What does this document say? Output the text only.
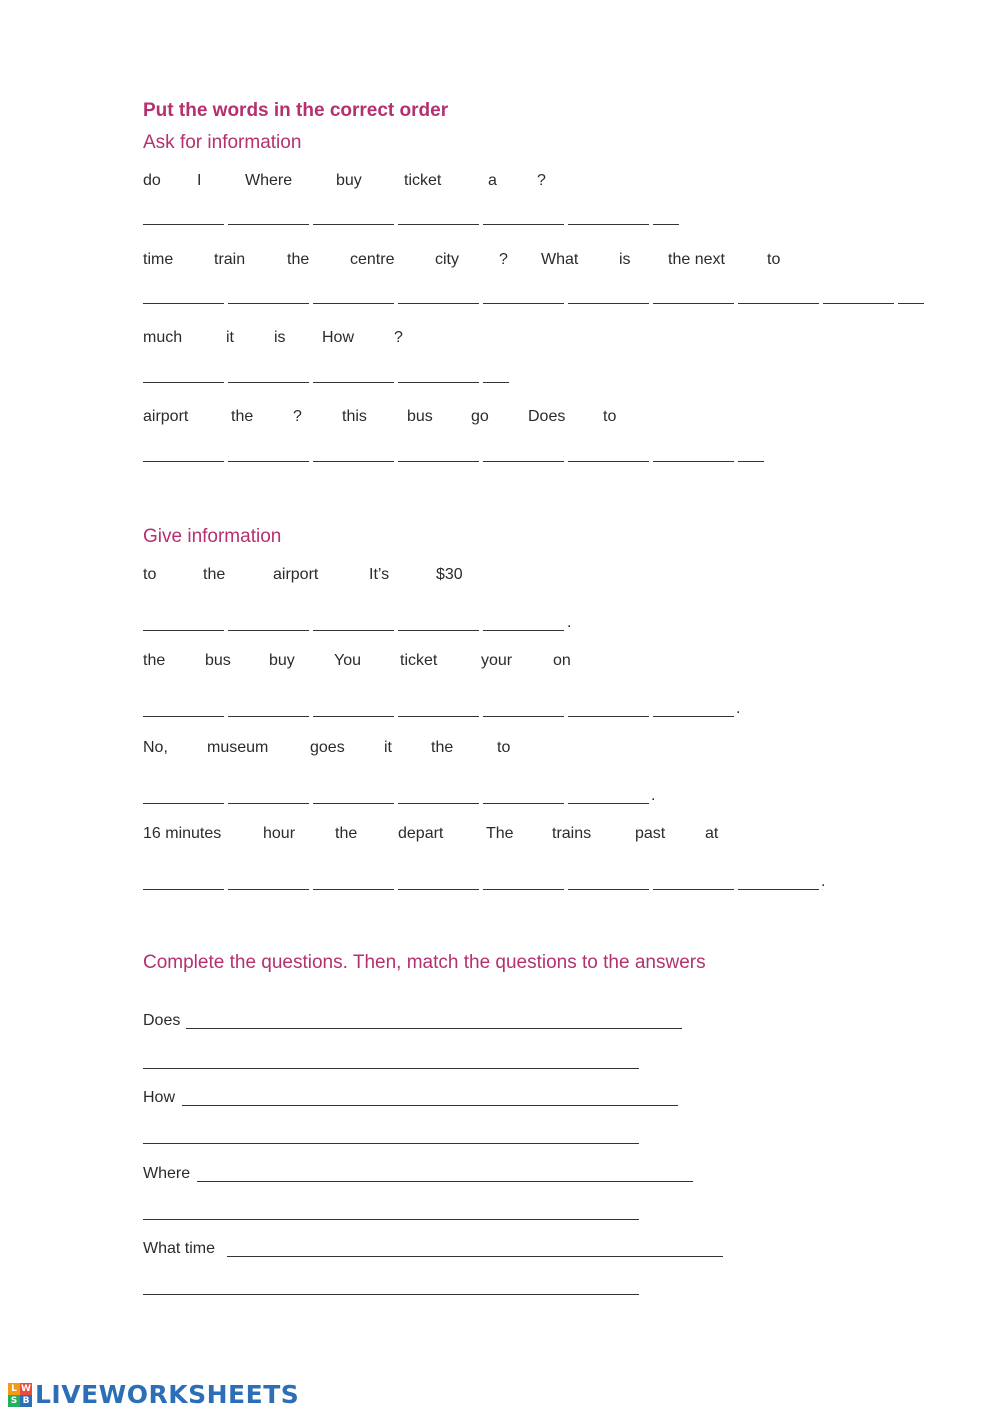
Put the words in the correct order
Ask for information
do I	Where	buy	ticket	a	?
time	train	the	centre	city	? What	is the next	to
much	it	is How ?
airport	the ?	this	bus go Does to
Give information
to	the	airport	It’s	$30
.
the bus buy You ticket	your	on
.
No, museum	goes it the	to
.
16 minutes	hour the	depart	The trains	past at
.
Complete the questions. Then, match the questions to the answers
Does
How
Where
What time
L W
S B LIVEWORKSHEETS
